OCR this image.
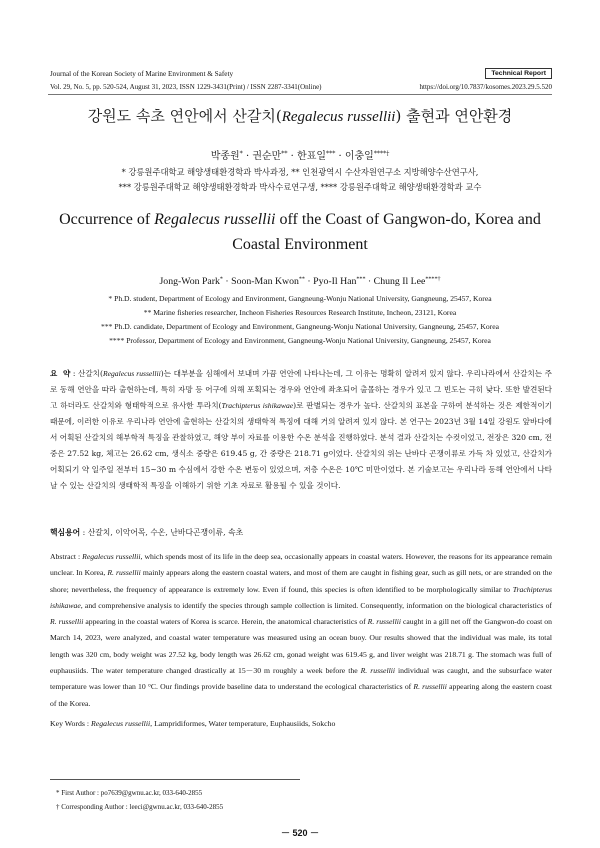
Journal of the Korean Society of Marine Environment & Safety	Technical Report
Vol. 29, No. 5, pp. 520-524, August 31, 2023, ISSN 1229-3431(Print) / ISSN 2287-3341(Online)	https://doi.org/10.7837/kosomes.2023.29.5.520
강원도 속초 연안에서 산갈치(Regalecus russellii) 출현과 연안환경
박종원* · 권순만** · 한표일*** · 이충일****†
* 강릉원주대학교 해양생태환경학과 박사과정, ** 인천광역시 수산자원연구소 지방해양수산연구사,
*** 강릉원주대학교 해양생태환경학과 박사수료연구생, **** 강릉원주대학교 해양생태환경학과 교수
Occurrence of Regalecus russellii off the Coast of Gangwon-do, Korea and Coastal Environment
Jong-Won Park* · Soon-Man Kwon** · Pyo-Il Han*** · Chung Il Lee****†
* Ph.D. student, Department of Ecology and Environment, Gangneung-Wonju National University, Gangneung, 25457, Korea
** Marine fisheries researcher, Incheon Fisheries Resources Research Institute, Incheon, 23121, Korea
*** Ph.D. candidate, Department of Ecology and Environment, Gangneung-Wonju National University, Gangneung, 25457, Korea
**** Professor, Department of Ecology and Environment, Gangneung-Wonju National University, Gangneung, 25457, Korea

요  약 : 산갈치(Regalecus russellii)는 대부분을 심해에서 보내며 가끔 연안에 나타나는데, 그 이유는 명확히 알려져 있지 않다. 우리나라에서 산갈치는 주로 동해 연안을 따라 출현하는데, 특히 자망 등 어구에 의해 포획되는 경우와 연안에 좌초되어 출몰하는 경우가 있고 그 빈도는 극히 낮다. 또한 발견된다고 하더라도 산갈치와 형태학적으로 유사한 투라치(Trachipterus ishikawae)로 판별되는 경우가 높다. 산갈치의 표본을 구하여 분석하는 것은 제한적이기 때문에, 이러한 이유로 우리나라 연안에 출현하는 산갈치의 생태학적 특징에 대해 거의 알려져 있지 않다. 본 연구는 2023년 3월 14일 강원도 앞바다에서 어획된 산갈치의 해부학적 특징을 관찰하였고, 해양 부이 자료를 이용한 수온 분석을 진행하였다. 분석 결과 산갈치는 수컷이었고, 전장은 320 cm, 전중은 27.52 kg, 체고는 26.62 cm, 생식소 중량은 619.45 g, 간 중량은 218.71 g이었다. 산갈치의 위는 난바다 곤쟁이류로 가득 차 있었고, 산갈치가 어획되기 약 일주일 전부터 15~30 m 수심에서 강한 수온 변동이 있었으며, 저층 수온은 10℃ 미만이었다. 본 기술보고는 우리나라 동해 연안에서 나타날 수 있는 산갈치의 생태학적 특징을 이해하기 위한 기초 자료로 활용될 수 있을 것이다.

핵심용어 : 산갈치, 이악어목, 수온, 난바다곤쟁이류, 속초

Abstract : Regalecus russellii, which spends most of its life in the deep sea, occasionally appears in coastal waters. However, the reasons for its appearance remain unclear. In Korea, R. russellii mainly appears along the eastern coastal waters, and most of them are caught in fishing gear, such as gill nets, or are stranded on the shore; nevertheless, the frequency of appearance is extremely low. Even if found, this species is often identified to be morphologically similar to Trachipterus ishikawae, and comprehensive analysis to identify the species through sample collection is limited. Consequently, information on the biological characteristics of R. russellii appearing in the coastal waters of Korea is scarce. Herein, the anatomical characteristics of R. russellii caught in a gill net off the Gangwon-do coast on March 14, 2023, were analyzed, and coastal water temperature was measured using an ocean buoy. Our results showed that the individual was male, its total length was 320 cm, body weight was 27.52 kg, body length was 26.62 cm, gonad weight was 619.45 g, and liver weight was 218.71 g. The stomach was full of euphausiids. The water temperature changed drastically at 15－30 m roughly a week before the R. russellii individual was caught, and the subsurface water temperature was lower than 10 °C. Our findings provide baseline data to understand the ecological characteristics of R. russellii appearing along the eastern coast of the Korea.

Key Words : Regalecus russellii, Lampridiformes, Water temperature, Euphausiids, Sokcho

* First Author : po7639@gwnu.ac.kr, 033-640-2855
† Corresponding Author : leeci@gwnu.ac.kr, 033-640-2855
－ 520 －
